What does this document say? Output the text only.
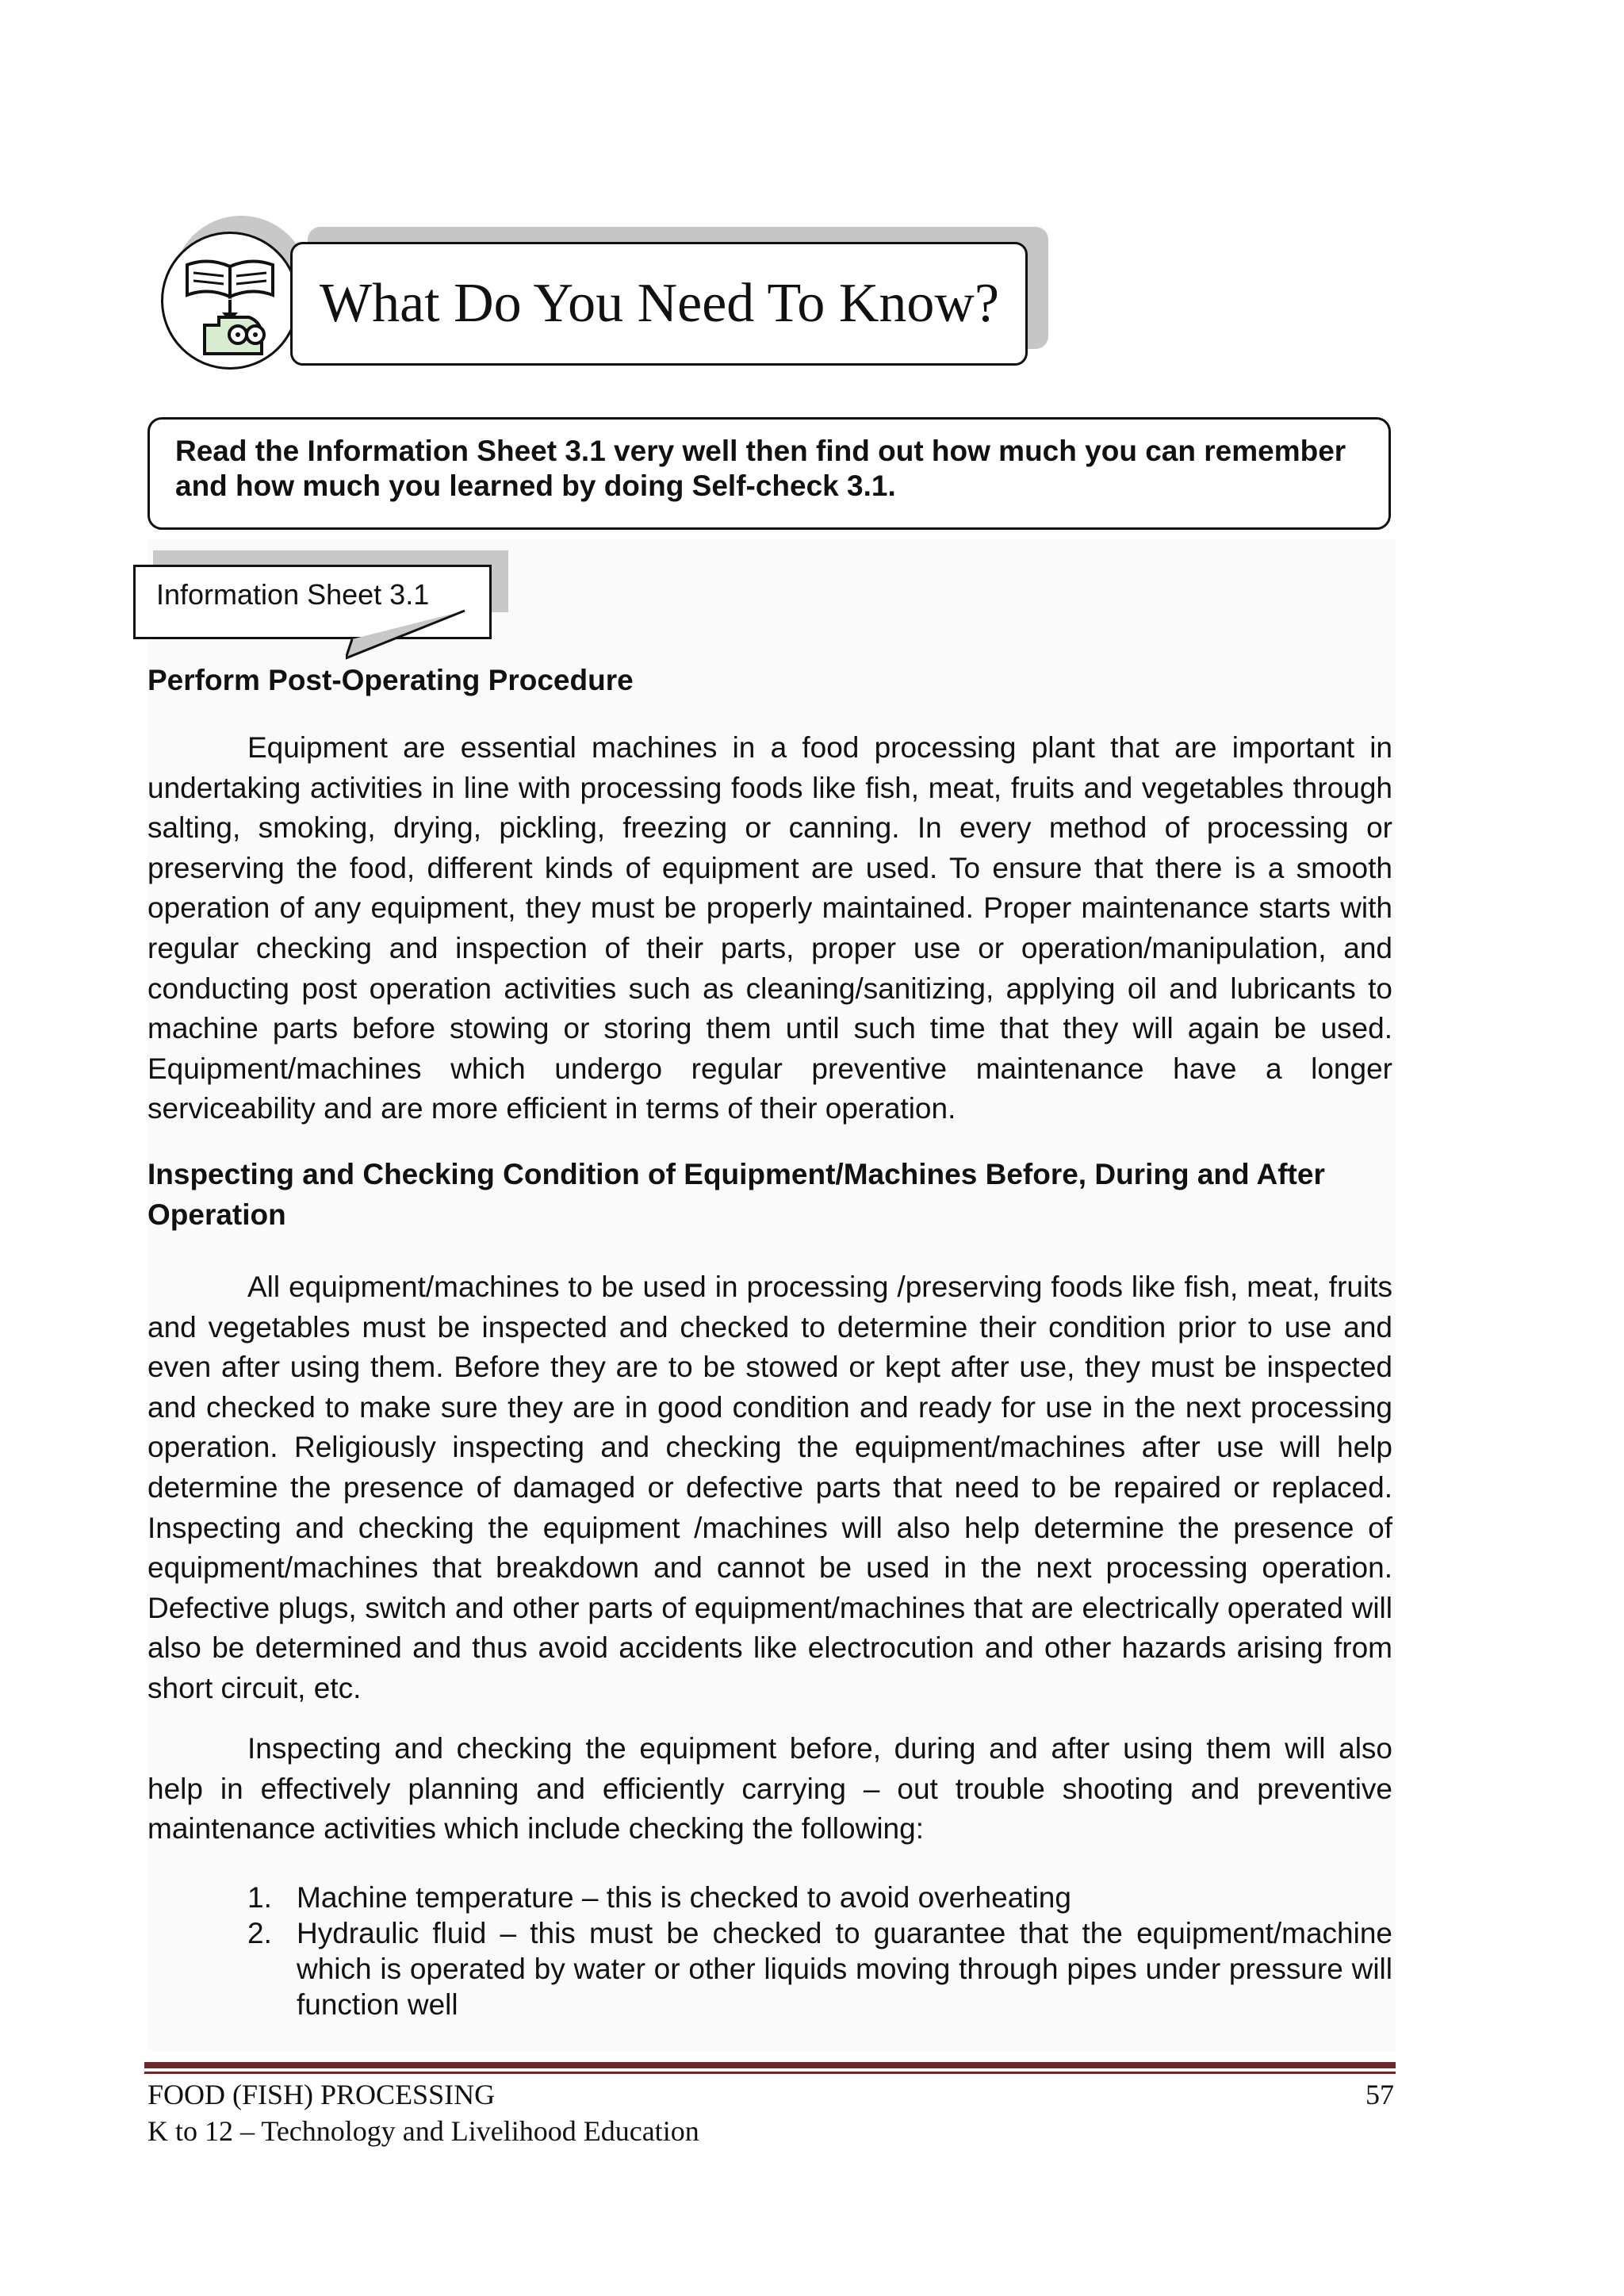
What Do You Need To Know?
Read the Information Sheet 3.1 very well then find out how much you can remember and how much you learned by doing Self-check 3.1.
Information Sheet 3.1
Perform Post-Operating Procedure

Equipment are essential machines in a food processing plant that are important in undertaking activities in line with processing foods like fish, meat, fruits and vegetables through salting, smoking, drying, pickling, freezing or canning. In every method of processing or preserving the food, different kinds of equipment are used. To ensure that there is a smooth operation of any equipment, they must be properly maintained. Proper maintenance starts with regular checking and inspection of their parts, proper use or operation/manipulation, and conducting post operation activities such as cleaning/sanitizing, applying oil and lubricants to machine parts before stowing or storing them until such time that they will again be used. Equipment/machines which undergo regular preventive maintenance have a longer serviceability and are more efficient in terms of their operation.

Inspecting and Checking Condition of Equipment/Machines Before, During and After Operation

All equipment/machines to be used in processing /preserving foods like fish, meat, fruits and vegetables must be inspected and checked to determine their condition prior to use and even after using them. Before they are to be stowed or kept after use, they must be inspected and checked to make sure they are in good condition and ready for use in the next processing operation. Religiously inspecting and checking the equipment/machines after use will help determine the presence of damaged or defective parts that need to be repaired or replaced. Inspecting and checking the equipment /machines will also help determine the presence of equipment/machines that breakdown and cannot be used in the next processing operation. Defective plugs, switch and other parts of equipment/machines that are electrically operated will also be determined and thus avoid accidents like electrocution and other hazards arising from short circuit, etc.

Inspecting and checking the equipment before, during and after using them will also help in effectively planning and efficiently carrying – out trouble shooting and preventive maintenance activities which include checking the following:

1. Machine temperature – this is checked to avoid overheating
2. Hydraulic fluid – this must be checked to guarantee that the equipment/machine which is operated by water or other liquids moving through pipes under pressure will function well
FOOD (FISH) PROCESSING
K to 12 – Technology and Livelihood Education
57
